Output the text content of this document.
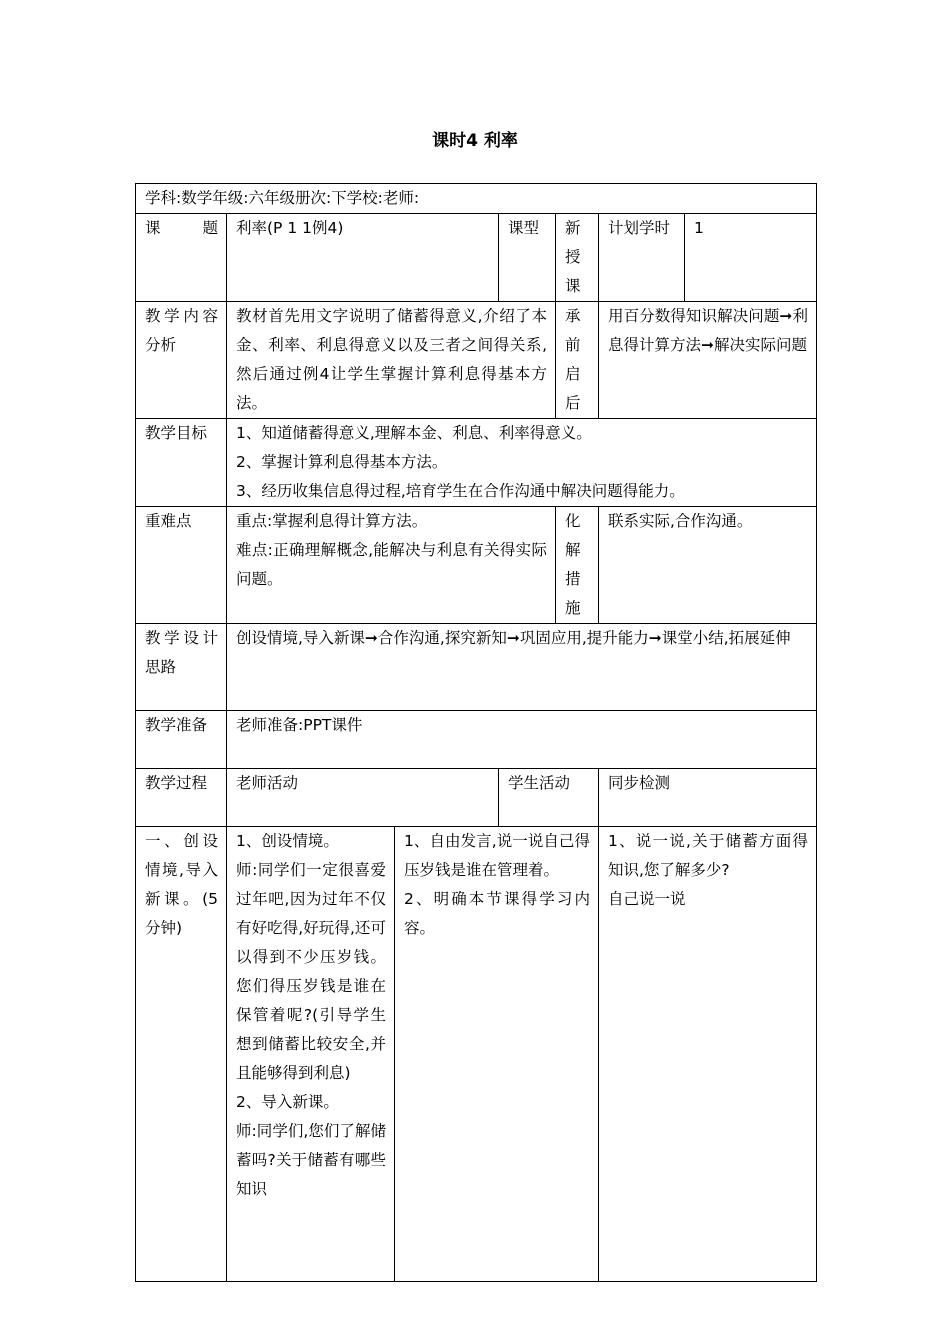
课时4 利率
学科:数学年级:六年级册次:下学校:老师:						
课题	利率(P 1 1例4)		课型	新授课	计划学时	1
教学内容分析	教材首先用文字说明了储蓄得意义,介绍了本金、利率、利息得意义以及三者之间得关系,然后通过例4让学生掌握计算利息得基本方法。			承前启后	用百分数得知识解决问题➞利息得计算方法➞解决实际问题	
教学目标	1、知道储蓄得意义,理解本金、利息、利率得意义。
2、掌握计算利息得基本方法。
3、经历收集信息得过程,培育学生在合作沟通中解决问题得能力。					

重难点	重点:掌握利息得计算方法。
难点:正确理解概念,能解决与利息有关得实际问题。			化解措施	联系实际,合作沟通。	
教学设计思路	创设情境,导入新课➞合作沟通,探究新知➞巩固应用,提升能力➞课堂小结,拓展延伸					
教学准备	老师准备:PPT课件					
教学过程	老师活动		学生活动		同步检测	
一、创设情境,导入新课。(5分钟)	1、创设情境。
师:同学们一定很喜爱过年吧,因为过年不仅有好吃得,好玩得,还可以得到不少压岁钱。您们得压岁钱是谁在保管着呢?(引导学生想到储蓄比较安全,并且能够得到利息)
2、导入新课。
师:同学们,您们了解储蓄吗?关于储蓄有哪些知识	1、自由发言,说一说自己得压岁钱是谁在管理着。
2、明确本节课得学习内容。			1、说一说,关于储蓄方面得知识,您了解多少?
自己说一说	
